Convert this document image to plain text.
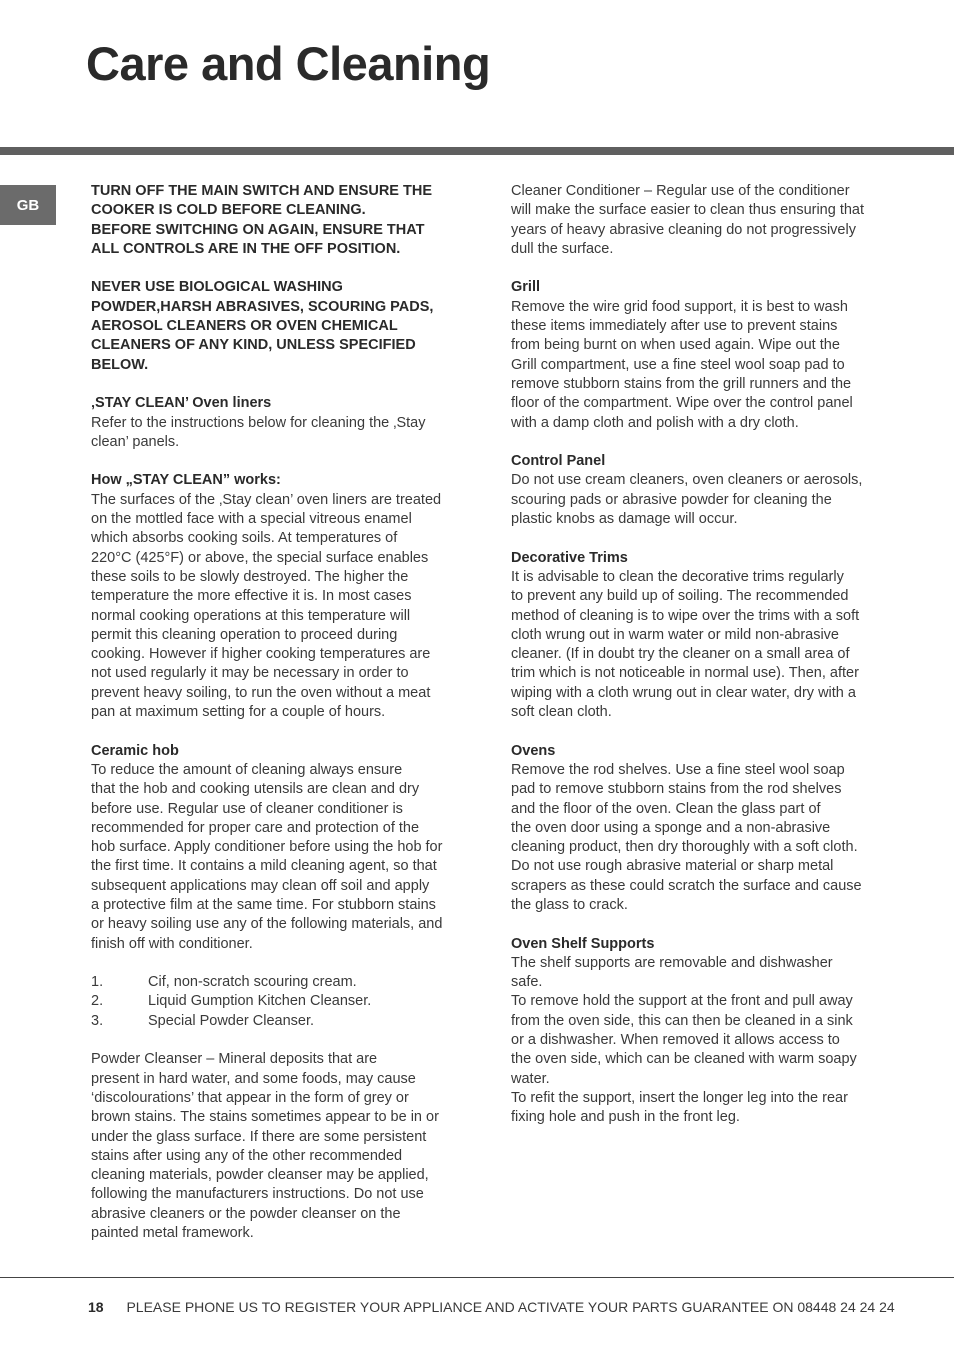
Care and Cleaning
GB
TURN OFF THE MAIN SWITCH AND ENSURE THE
COOKER IS COLD BEFORE CLEANING.
BEFORE SWITCHING ON AGAIN, ENSURE THAT
ALL CONTROLS ARE IN THE OFF POSITION.
NEVER USE BIOLOGICAL WASHING
POWDER,HARSH ABRASIVES, SCOURING PADS,
AEROSOL CLEANERS OR OVEN CHEMICAL
CLEANERS OF ANY KIND, UNLESS SPECIFIED
BELOW.
‚STAY CLEAN’ Oven liners
Refer to the instructions below for cleaning the ‚Stay
clean’ panels.
How „STAY CLEAN” works:
The surfaces of the ‚Stay clean’ oven liners are treated
on the mottled face with a special vitreous enamel
which absorbs cooking soils. At temperatures of
220°C (425°F) or above, the special surface enables
these soils to be slowly destroyed. The higher the
temperature the more effective it is. In most cases
normal cooking operations at this temperature will
permit this cleaning operation to proceed during
cooking. However if higher cooking temperatures are
not used regularly it may be necessary in order to
prevent heavy soiling, to run the oven without a meat
pan at maximum setting for a couple of hours.
Ceramic hob
To reduce the amount of cleaning always ensure
that the hob and cooking utensils are clean and dry
before use. Regular use of cleaner conditioner is
recommended for proper care and protection of the
hob surface. Apply conditioner before using the hob for
the first time. It contains a mild cleaning agent, so that
subsequent applications may clean off soil and apply
a protective film at the same time. For stubborn stains
or heavy soiling use any of the following materials, and
finish off with conditioner.
1.	Cif, non-scratch scouring cream.
2.	Liquid Gumption Kitchen Cleanser.
3.	Special Powder Cleanser.
Powder Cleanser – Mineral deposits that are
present in hard water, and some foods, may cause
‘discolourations’ that appear in the form of grey or
brown stains. The stains sometimes appear to be in or
under the glass surface. If there are some persistent
stains after using any of the other recommended
cleaning materials, powder cleanser may be applied,
following the manufacturers instructions. Do not use
abrasive cleaners or the powder cleanser on the
painted metal framework.
Cleaner Conditioner – Regular use of the conditioner
will make the surface easier to clean thus ensuring that
years of heavy abrasive cleaning do not progressively
dull the surface.
Grill
Remove the wire grid food support, it is best to wash
these items immediately after use to prevent stains
from being burnt on when used again. Wipe out the
Grill compartment, use a fine steel wool soap pad to
remove stubborn stains from the grill runners and the
floor of the compartment. Wipe over the control panel
with a damp cloth and polish with a dry cloth.
Control Panel
Do not use cream cleaners, oven cleaners or aerosols,
scouring pads or abrasive powder for cleaning the
plastic knobs as damage will occur.
Decorative Trims
It is advisable to clean the decorative trims regularly
to prevent any build up of soiling. The recommended
method of cleaning is to wipe over the trims with a soft
cloth wrung out in warm water or mild non-abrasive
cleaner. (If in doubt try the cleaner on a small area of
trim which is not noticeable in normal use). Then, after
wiping with a cloth wrung out in clear water, dry with a
soft clean cloth.
Ovens
Remove the rod shelves. Use a fine steel wool soap
pad to remove stubborn stains from the rod shelves
and the floor of the oven. Clean the glass part of
the oven door using a sponge and a non-abrasive
cleaning product, then dry thoroughly with a soft cloth.
Do not use rough abrasive material or sharp metal
scrapers as these could scratch the surface and cause
the glass to crack.
Oven Shelf Supports
The shelf supports are removable and dishwasher
safe.
To remove hold the support at the front and pull away
from the oven side, this can then be cleaned in a sink
or a dishwasher. When removed it allows access to
the oven side, which can be cleaned with warm soapy
water.
To refit the support, insert the longer leg into the rear
fixing hole and push in the front leg.
18 PLEASE PHONE US TO REGISTER YOUR APPLIANCE AND ACTIVATE YOUR PARTS GUARANTEE ON 08448 24 24 24
